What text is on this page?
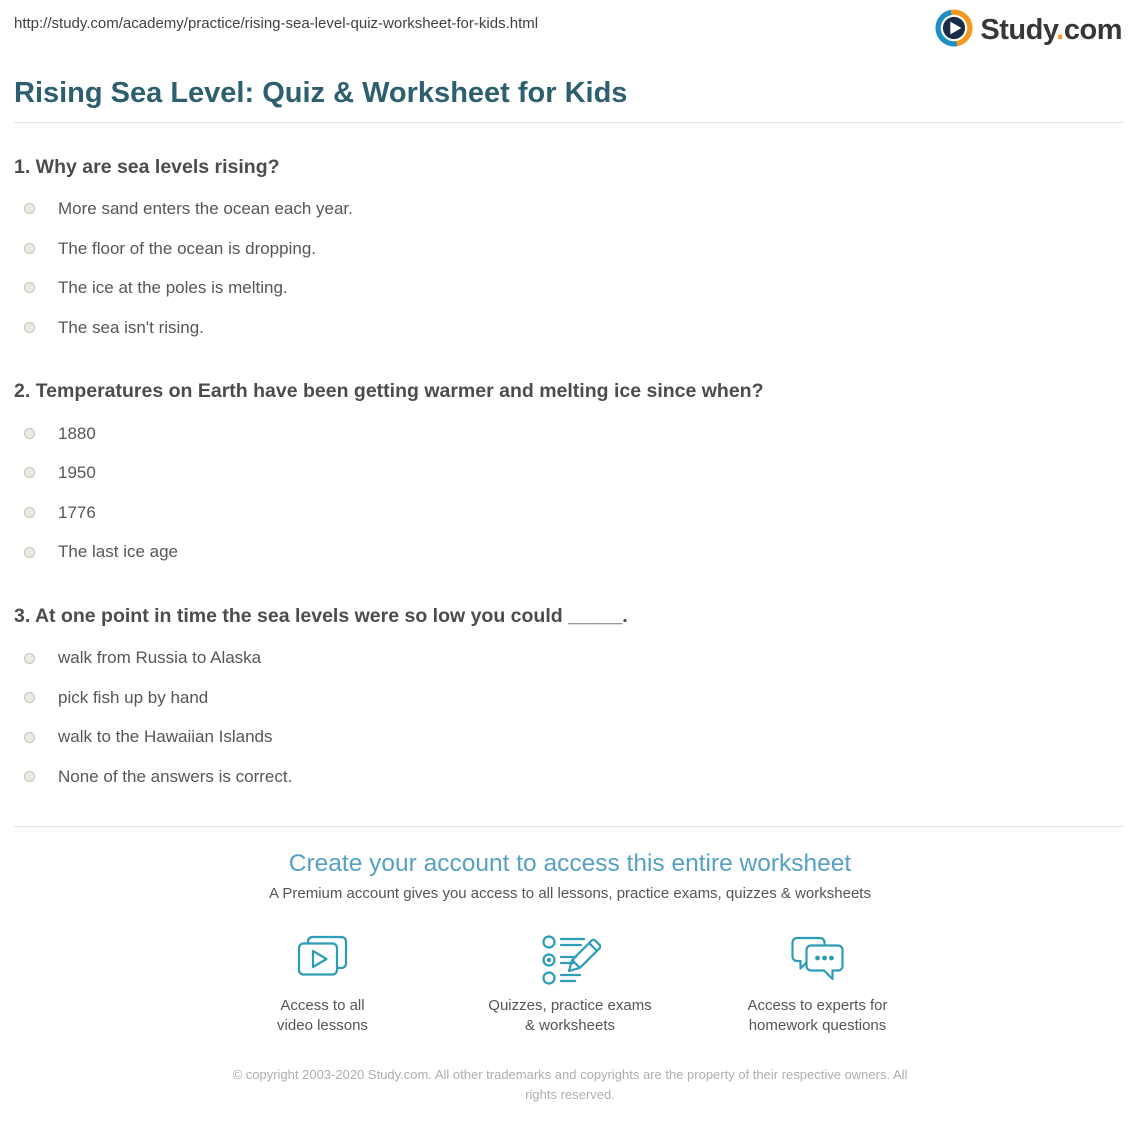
http://study.com/academy/practice/rising-sea-level-quiz-worksheet-for-kids.html	Study.com
Rising Sea Level: Quiz & Worksheet for Kids
1. Why are sea levels rising?
More sand enters the ocean each year.
The floor of the ocean is dropping.
The ice at the poles is melting.
The sea isn't rising.
2. Temperatures on Earth have been getting warmer and melting ice since when?
1880
1950
1776
The last ice age
3. At one point in time the sea levels were so low you could _____.
walk from Russia to Alaska
pick fish up by hand
walk to the Hawaiian Islands
None of the answers is correct.
Create your account to access this entire worksheet

A Premium account gives you access to all lessons, practice exams, quizzes & worksheets

Access to all
video lessons
Quizzes, practice exams
& worksheets
Access to experts for
homework questions
© copyright 2003-2020 Study.com. All other trademarks and copyrights are the property of their respective owners. All rights reserved.
